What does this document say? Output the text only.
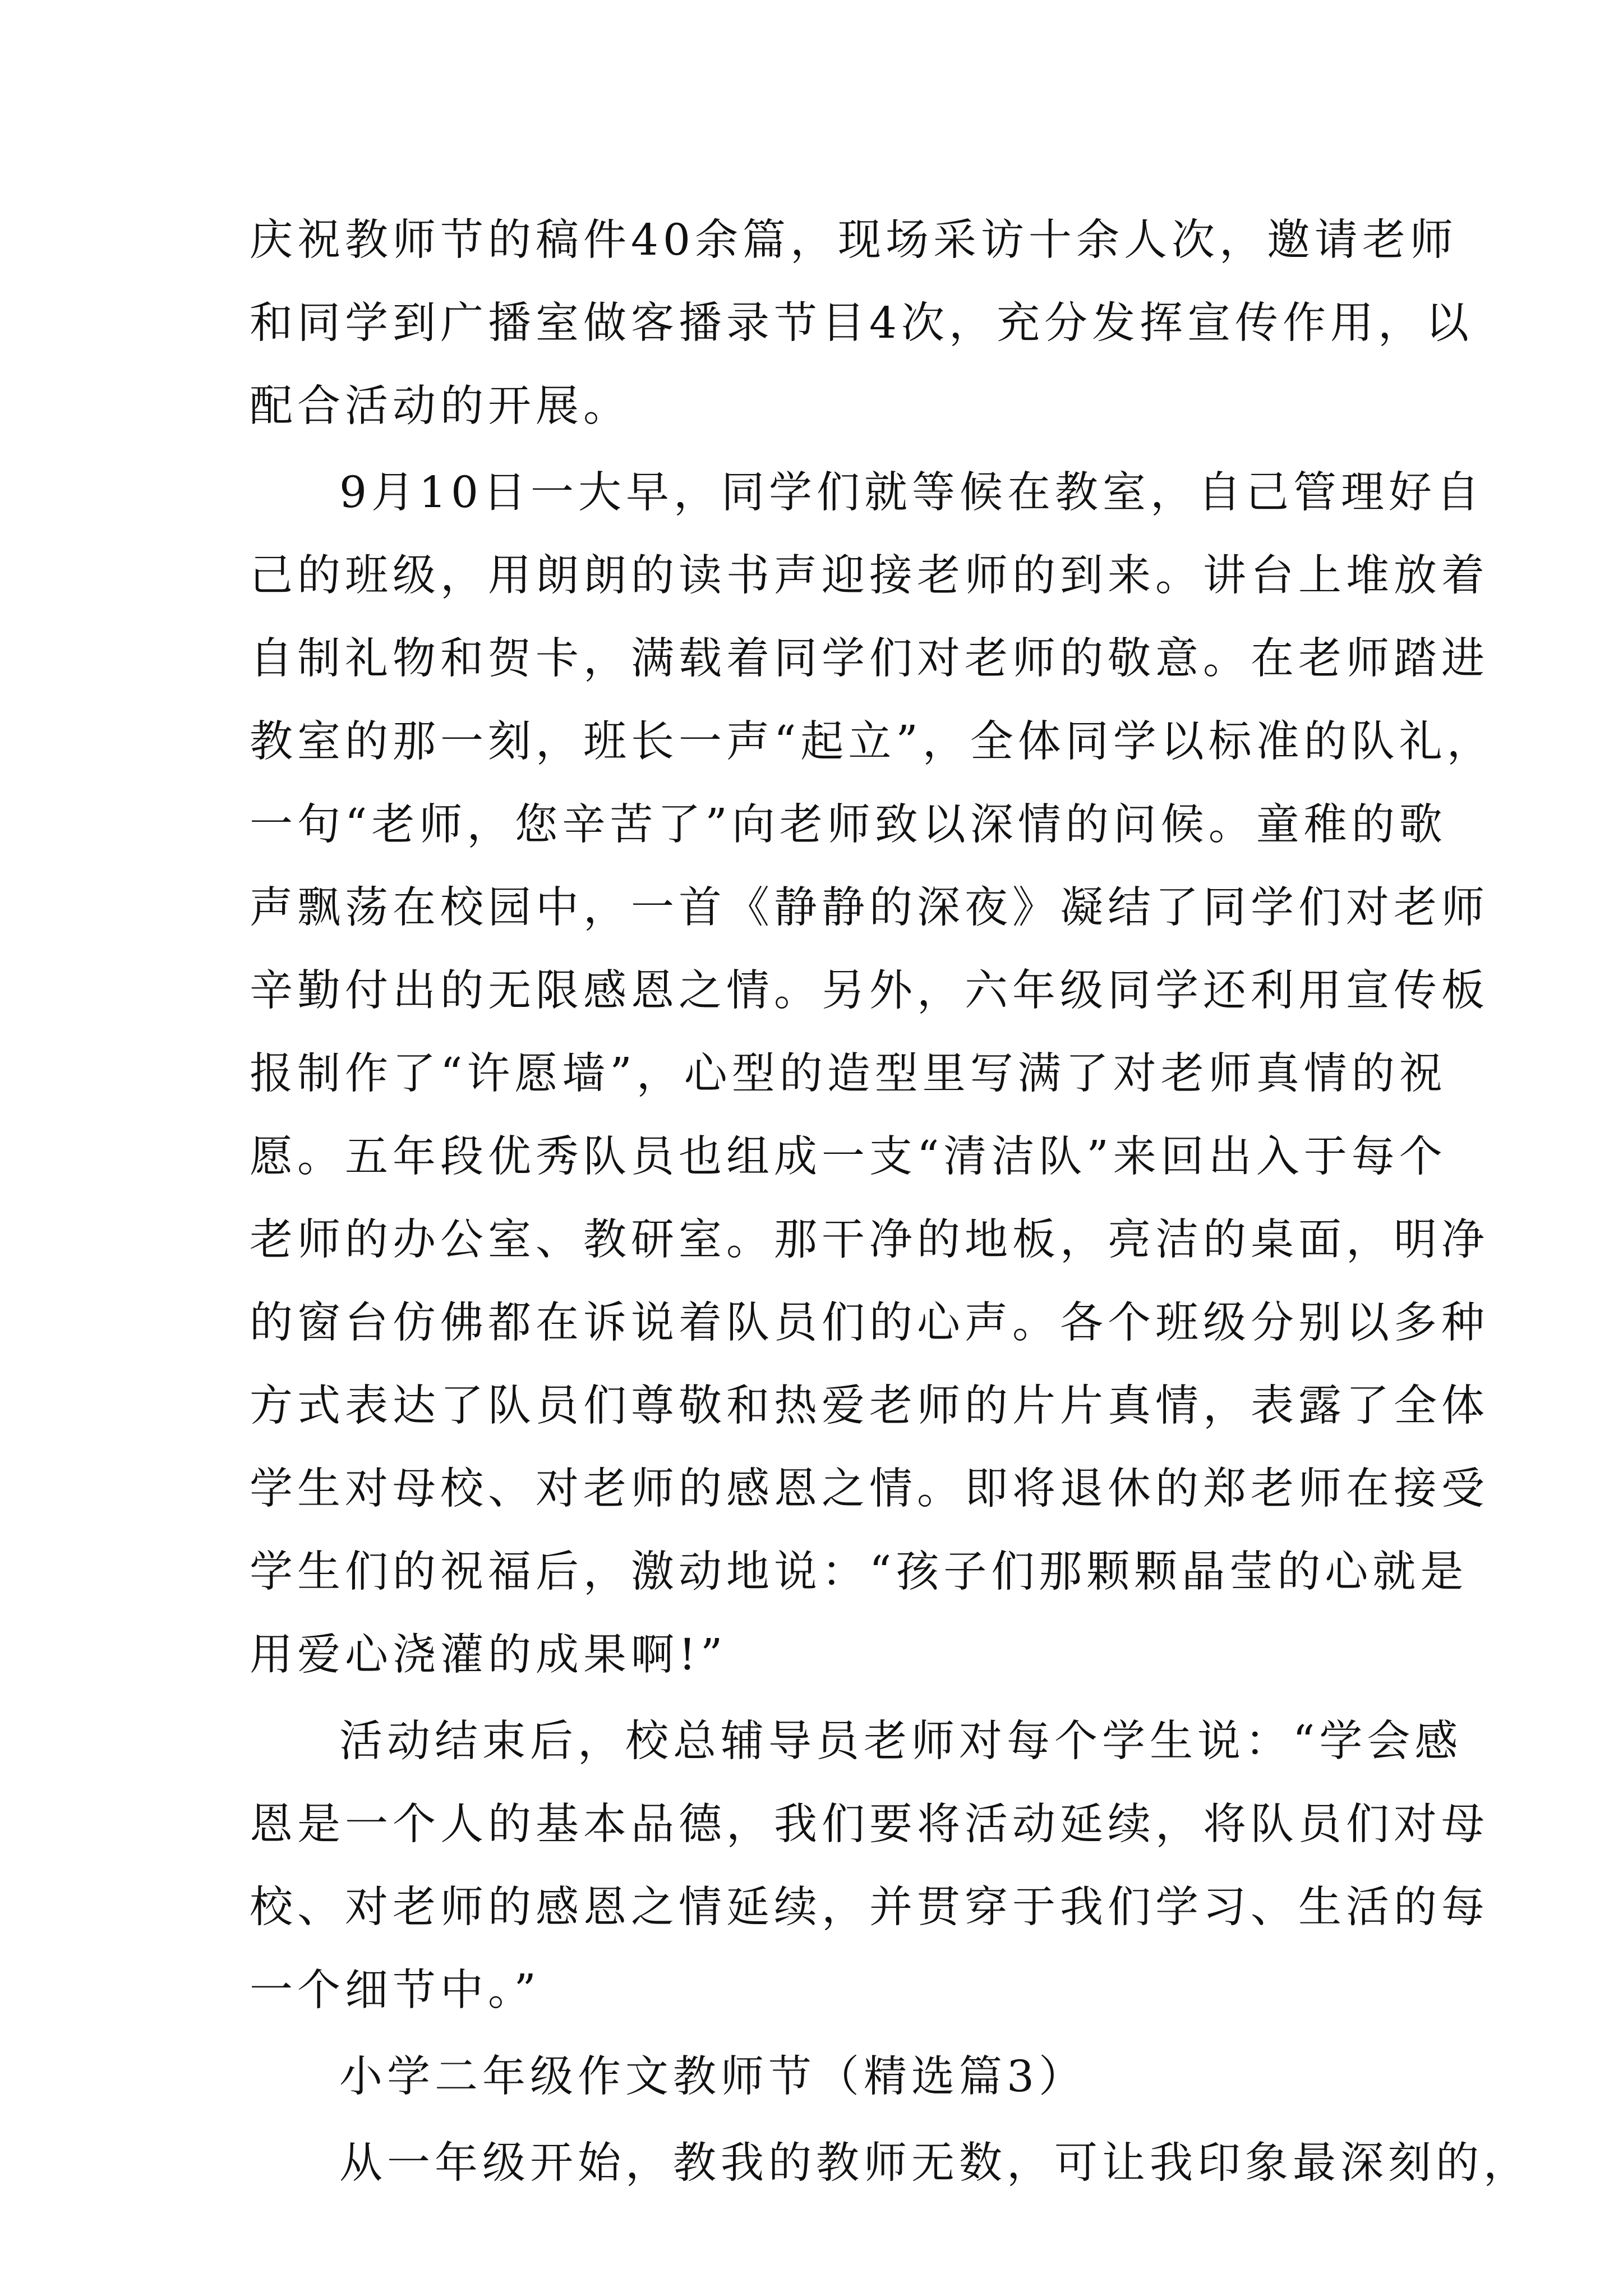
庆祝教师节的稿件40余篇，现场采访十余人次，邀请老师
和同学到广播室做客播录节目4次，充分发挥宣传作用，以
配合活动的开展。
9月10日一大早，同学们就等候在教室，自己管理好自
己的班级，用朗朗的读书声迎接老师的到来。讲台上堆放着
自制礼物和贺卡，满载着同学们对老师的敬意。在老师踏进
教室的那一刻，班长一声“起立”，全体同学以标准的队礼，
一句“老师，您辛苦了”向老师致以深情的问候。童稚的歌
声飘荡在校园中，一首《静静的深夜》凝结了同学们对老师
辛勤付出的无限感恩之情。另外，六年级同学还利用宣传板
报制作了“许愿墙”，心型的造型里写满了对老师真情的祝
愿。五年段优秀队员也组成一支“清洁队”来回出入于每个
老师的办公室、教研室。那干净的地板，亮洁的桌面，明净
的窗台仿佛都在诉说着队员们的心声。各个班级分别以多种
方式表达了队员们尊敬和热爱老师的片片真情，表露了全体
学生对母校、对老师的感恩之情。即将退休的郑老师在接受
学生们的祝福后，激动地说：“孩子们那颗颗晶莹的心就是
用爱心浇灌的成果啊!”
活动结束后，校总辅导员老师对每个学生说：“学会感
恩是一个人的基本品德，我们要将活动延续，将队员们对母
校、对老师的感恩之情延续，并贯穿于我们学习、生活的每
一个细节中。”
小学二年级作文教师节（精选篇3）
从一年级开始，教我的教师无数，可让我印象最深刻的，
